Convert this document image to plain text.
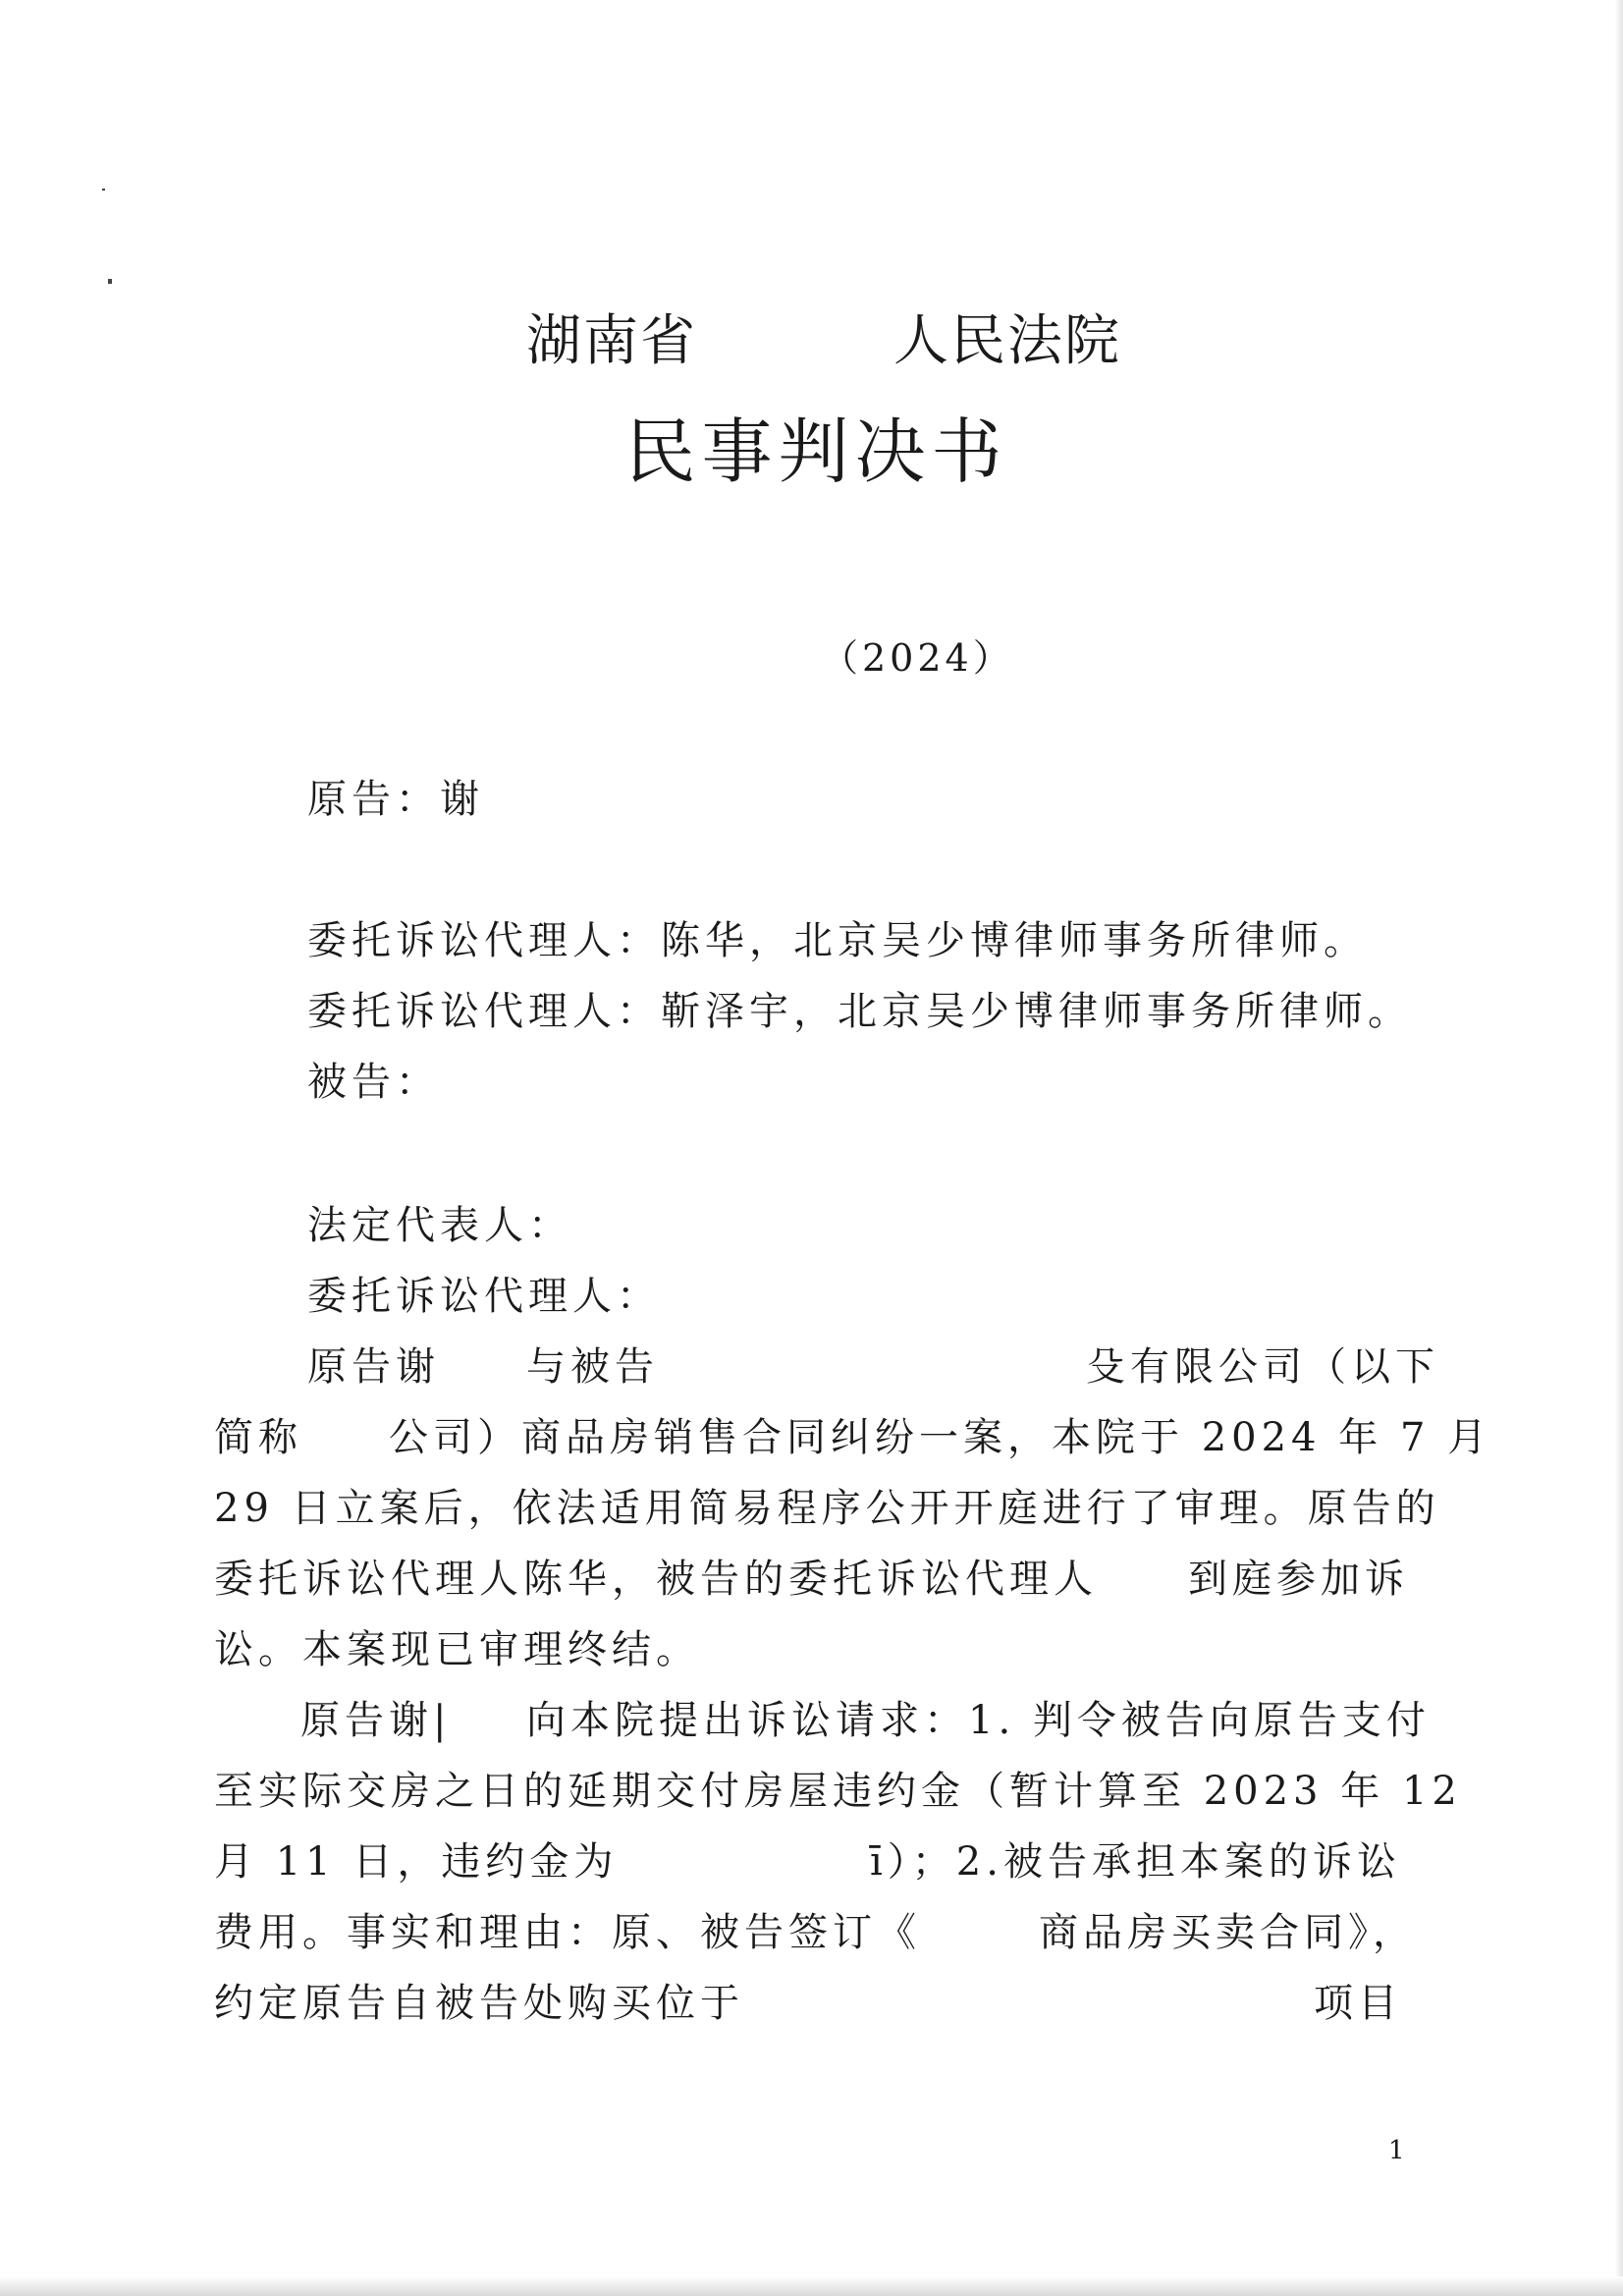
湖南省	人民法院
民事判决书
（2024）
原告：谢
委托诉讼代理人：陈华，北京吴少博律师事务所律师。
委托诉讼代理人：靳泽宇，北京吴少博律师事务所律师。
被告：
法定代表人：
委托诉讼代理人：
原告谢 与被告	殳有限公司（以下
简称 公司）商品房销售合同纠纷一案，本院于 2024 年 7 月
29 日立案后，依法适用简易程序公开开庭进行了审理。原告的
委托诉讼代理人陈华，被告的委托诉讼代理人 到庭参加诉
讼。本案现已审理终结。
原告谢| 向本院提出诉讼请求：1. 判令被告向原告支付
至实际交房之日的延期交付房屋违约金（暂计算至 2023 年 12
月 11 日，违约金为	ī）；2.被告承担本案的诉讼
费用。事实和理由：原、被告签订《	商品房买卖合同》，
约定原告自被告处购买位于	项目
1
